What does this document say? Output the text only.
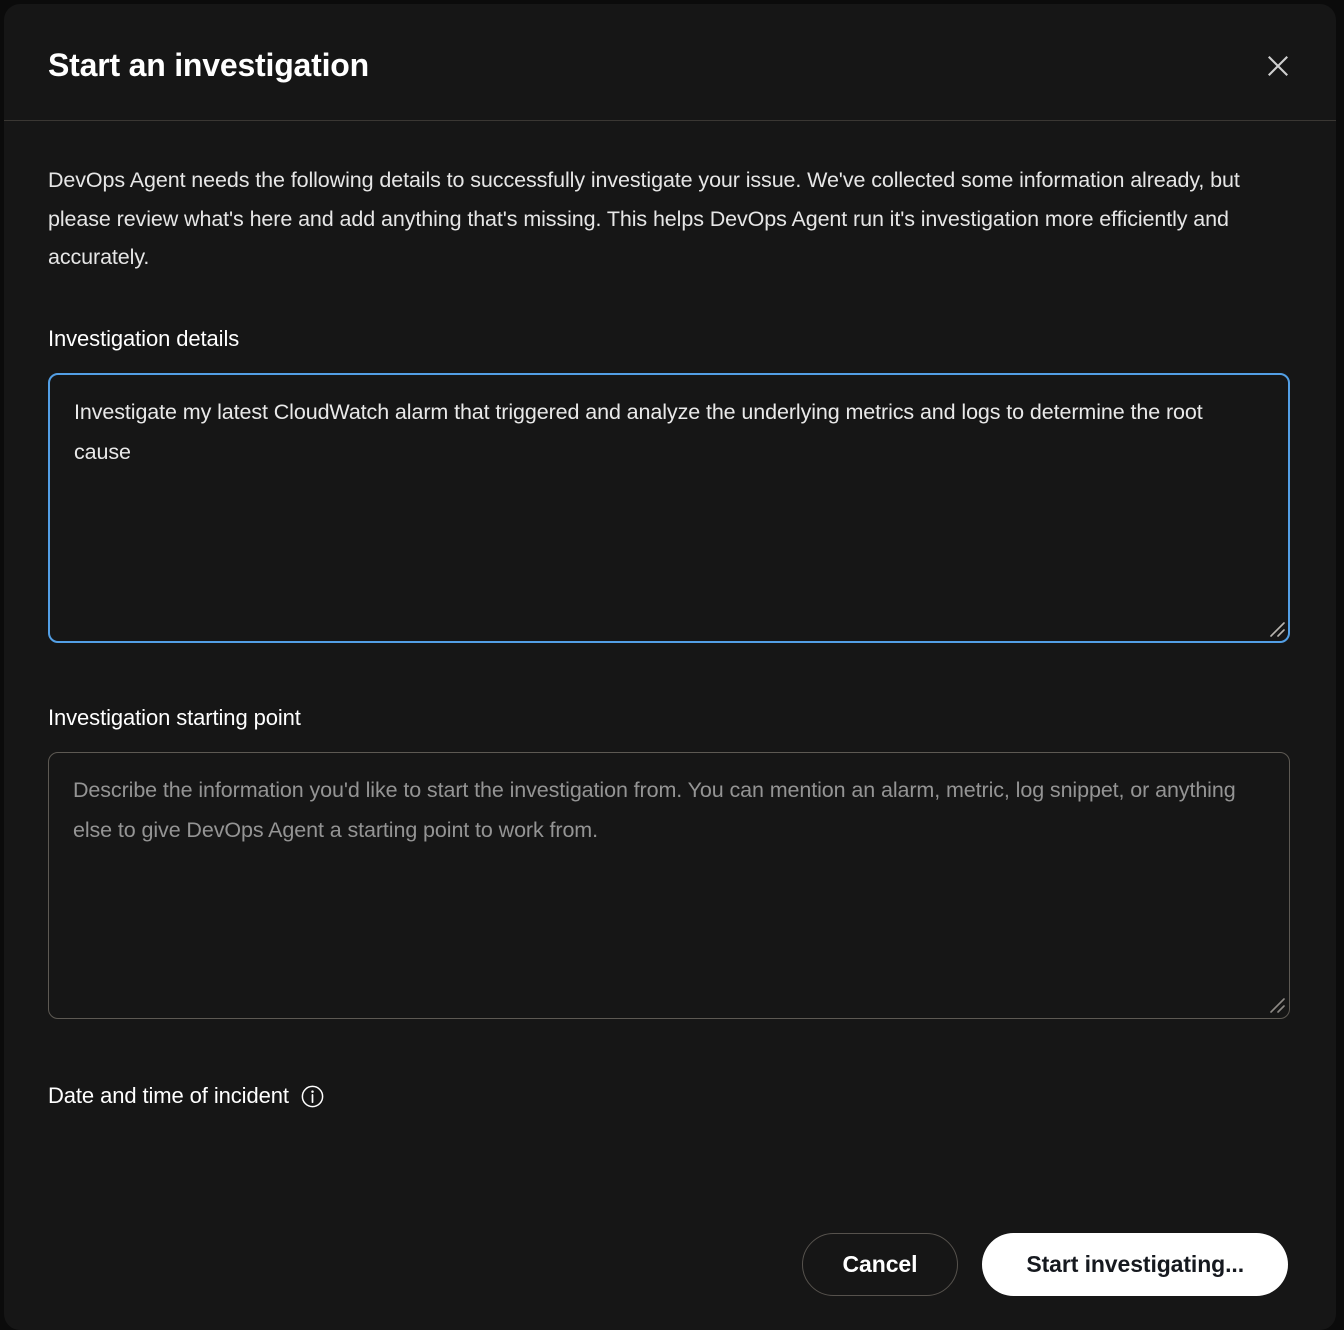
Start an investigation

DevOps Agent needs the following details to successfully investigate your issue. We've collected some information already, but please review what's here and add anything that's missing. This helps DevOps Agent run it's investigation more efficiently and accurately.

Investigation details
Investigate my latest CloudWatch alarm that triggered and analyze the underlying metrics and logs to determine the root cause
Investigation starting point
Describe the information you'd like to start the investigation from. You can mention an alarm, metric, log snippet, or anything else to give DevOps Agent a starting point to work from.
Date and time of incident
Cancel	Start investigating...
